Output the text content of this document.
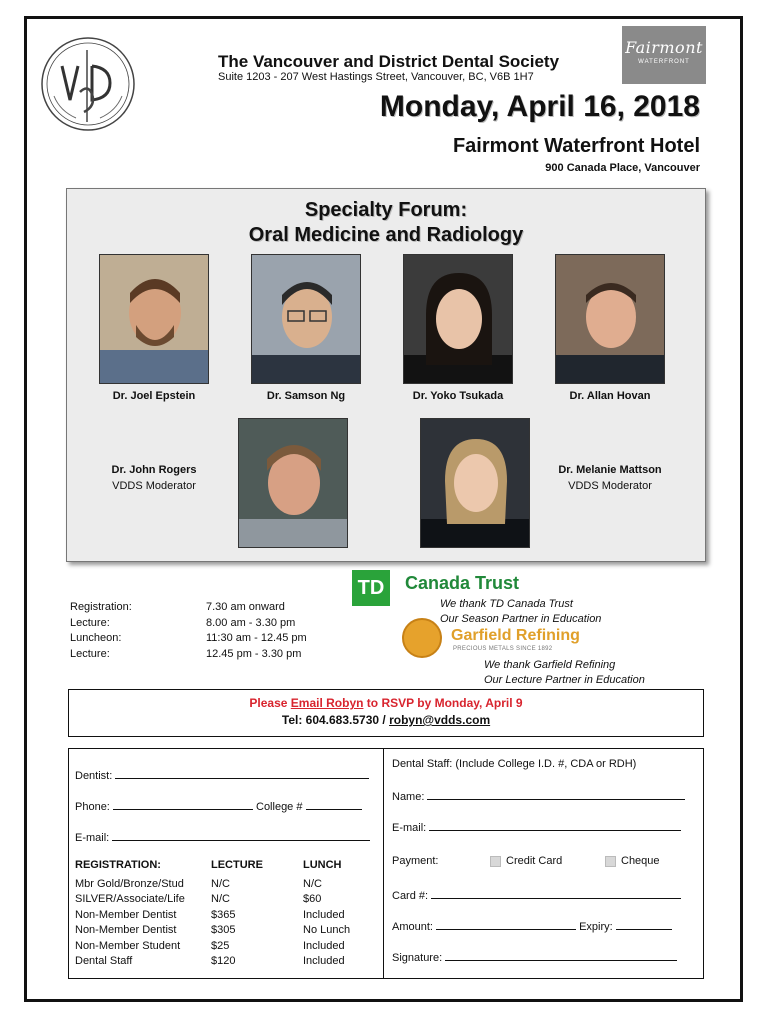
Fairmont
WATERFRONT
The Vancouver and District Dental Society
Suite 1203 - 207 West Hastings Street, Vancouver, BC, V6B 1H7
Monday, April 16, 2018
Fairmont Waterfront Hotel
900 Canada Place, Vancouver
Specialty Forum:
Oral Medicine and Radiology
Dr. Joel Epstein	Dr. Samson Ng	Dr. Yoko Tsukada	Dr. Allan Hovan
Dr. John Rogers
VDDS Moderator
Dr. Melanie Mattson
VDDS Moderator
Registration:	7.30 am onward
Lecture:	8.00 am - 3.30 pm
Luncheon:	11:30 am - 12.45 pm
Lecture:	12.45 pm - 3.30 pm
TD	Canada Trust
We thank TD Canada Trust
Our Season Partner in Education
Garfield Refining
PRECIOUS METALS SINCE 1892
We thank Garfield Refining
Our Lecture Partner in Education
Please Email Robyn to RSVP by Monday, April 9
Tel: 604.683.5730 / robyn@vdds.com
Dentist:
Phone:	College #
E-mail:
REGISTRATION:	LECTURE	LUNCH
Mbr Gold/Bronze/Stud	N/C	N/C
SILVER/Associate/Life	N/C	$60
Non-Member Dentist	$365	Included
Non-Member Dentist	$305	No Lunch
Non-Member Student	$25	Included
Dental Staff	$120	Included
Dental Staff: (Include College I.D. #, CDA or RDH)
Name:
E-mail:
Payment:	Credit Card	Cheque
Card #:
Amount:	Expiry:
Signature:
